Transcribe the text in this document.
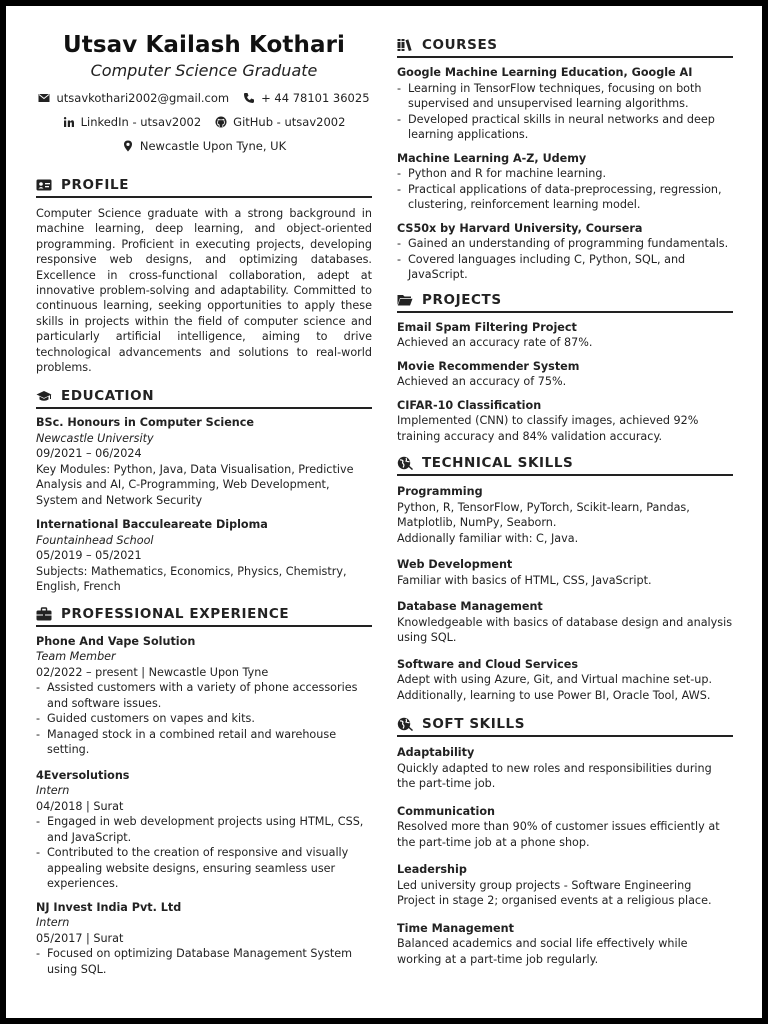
Utsav Kailash Kothari
Computer Science Graduate
utsavkothari2002@gmail.com	+ 44 78101 36025
LinkedIn - utsav2002	GitHub - utsav2002
Newcastle Upon Tyne, UK
PROFILE
Computer Science graduate with a strong background in machine learning, deep learning, and object-oriented programming. Proficient in executing projects, developing responsive web designs, and optimizing databases. Excellence in cross-functional collaboration, adept at innovative problem-solving and adaptability. Committed to continuous learning, seeking opportunities to apply these skills in projects within the field of computer science and particularly artificial intelligence, aiming to drive technological advancements and solutions to real-world problems.
EDUCATION
BSc. Honours in Computer Science
Newcastle University
09/2021 – 06/2024
Key Modules: Python, Java, Data Visualisation, Predictive Analysis and AI, C-Programming, Web Development, System and Network Security
International Bacculeareate Diploma
Fountainhead School
05/2019 – 05/2021
Subjects: Mathematics, Economics, Physics, Chemistry, English, French
PROFESSIONAL EXPERIENCE
Phone And Vape Solution
Team Member
02/2022 – present | Newcastle Upon Tyne
- Assisted customers with a variety of phone accessories and software issues.
- Guided customers on vapes and kits.
- Managed stock in a combined retail and warehouse setting.
4Eversolutions
Intern
04/2018 | Surat
- Engaged in web development projects using HTML, CSS, and JavaScript.
- Contributed to the creation of responsive and visually appealing website designs, ensuring seamless user experiences.
NJ Invest India Pvt. Ltd
Intern
05/2017 | Surat
- Focused on optimizing Database Management System using SQL.
COURSES
Google Machine Learning Education, Google AI
- Learning in TensorFlow techniques, focusing on both supervised and unsupervised learning algorithms.
- Developed practical skills in neural networks and deep learning applications.
Machine Learning A-Z, Udemy
- Python and R for machine learning.
- Practical applications of data-preprocessing, regression, clustering, reinforcement learning model.
CS50x by Harvard University, Coursera
- Gained an understanding of programming fundamentals.
- Covered languages including C, Python, SQL, and JavaScript.
PROJECTS
Email Spam Filtering Project
Achieved an accuracy rate of 87%.
Movie Recommender System
Achieved an accuracy of 75%.
CIFAR-10 Classification
Implemented (CNN) to classify images, achieved 92% training accuracy and 84% validation accuracy.
TECHNICAL SKILLS
Programming
Python, R, TensorFlow, PyTorch, Scikit-learn, Pandas, Matplotlib, NumPy, Seaborn.
Addionally familiar with: C, Java.
Web Development
Familiar with basics of HTML, CSS, JavaScript.
Database Management
Knowledgeable with basics of database design and analysis using SQL.
Software and Cloud Services
Adept with using Azure, Git, and Virtual machine set-up.
Additionally, learning to use Power BI, Oracle Tool, AWS.
SOFT SKILLS
Adaptability
Quickly adapted to new roles and responsibilities during the part-time job.
Communication
Resolved more than 90% of customer issues efficiently at the part-time job at a phone shop.
Leadership
Led university group projects - Software Engineering Project in stage 2; organised events at a religious place.
Time Management
Balanced academics and social life effectively while working at a part-time job regularly.
